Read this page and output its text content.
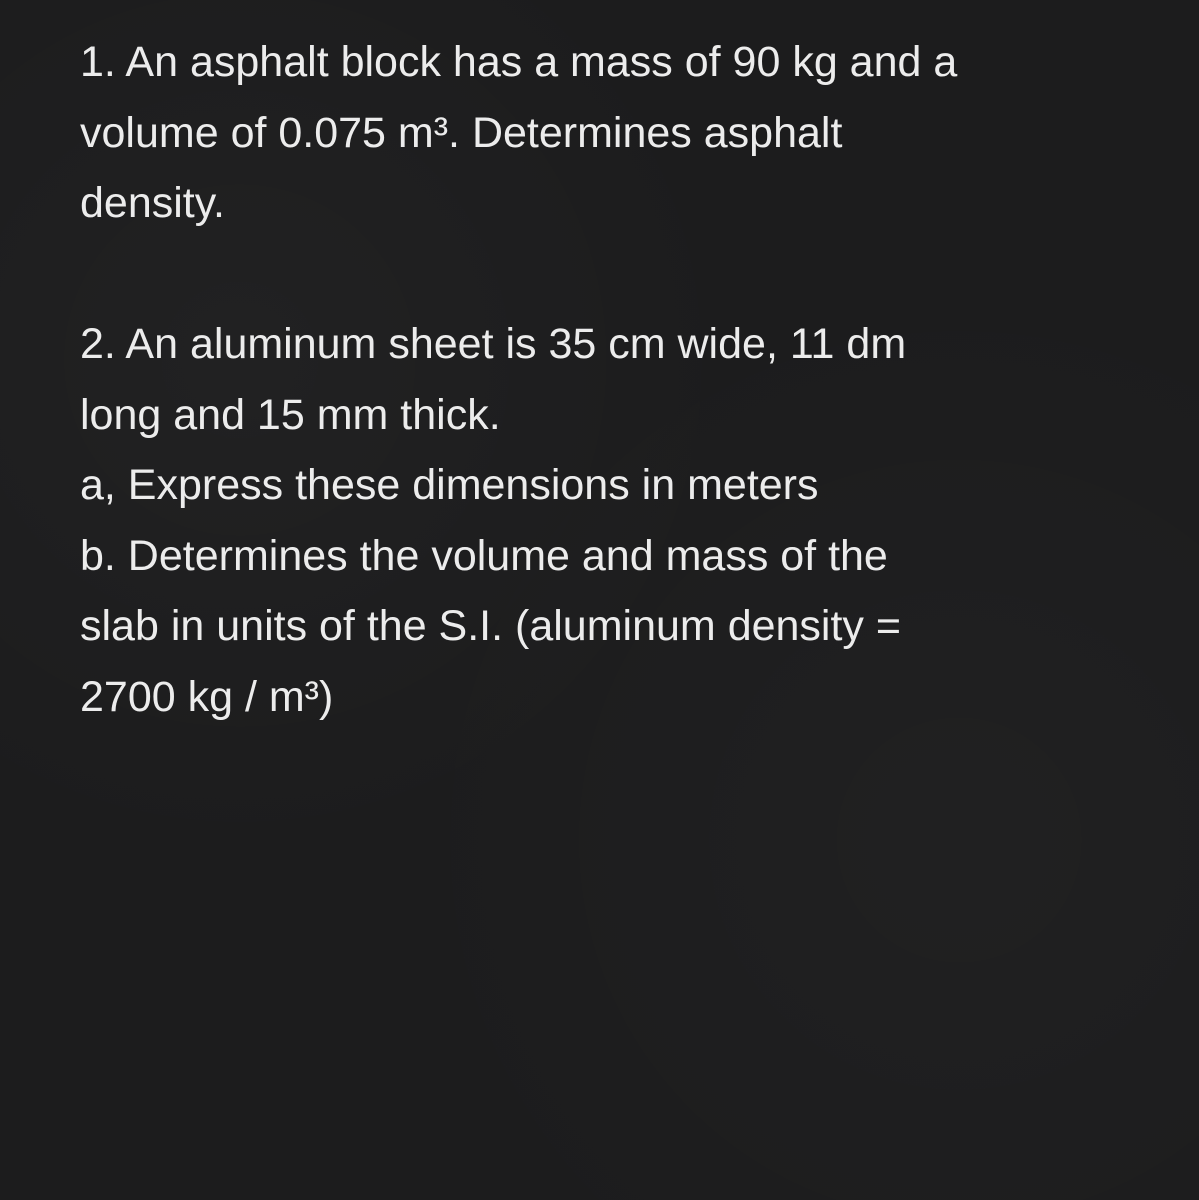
1. An asphalt block has a mass of 90 kg and a
volume of 0.075 m³. Determines asphalt
density.
2. An aluminum sheet is 35 cm wide, 11 dm
long and 15 mm thick.
a, Express these dimensions in meters
b. Determines the volume and mass of the
slab in units of the S.I. (aluminum density =
2700 kg / m³)
